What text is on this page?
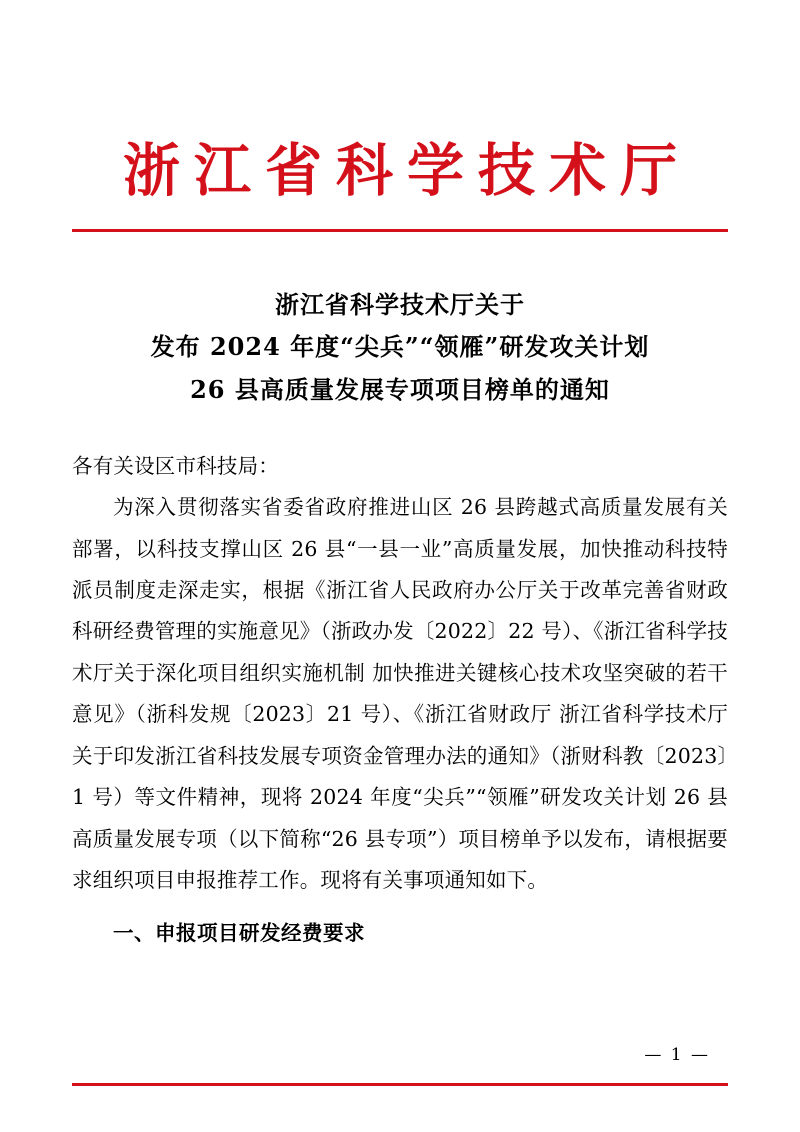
浙江省科学技术厅
浙江省科学技术厅关于
发布 2024 年度“尖兵”“领雁”研发攻关计划
26 县高质量发展专项项目榜单的通知

各有关设区市科技局：

为深入贯彻落实省委省政府推进山区 26 县跨越式高质量发展有关部署，以科技支撑山区 26 县“一县一业”高质量发展，加快推动科技特派员制度走深走实，根据《浙江省人民政府办公厅关于改革完善省财政科研经费管理的实施意见》（浙政办发〔2022〕22 号）、《浙江省科学技术厅关于深化项目组织实施机制 加快推进关键核心技术攻坚突破的若干意见》（浙科发规〔2023〕21 号）、《浙江省财政厅 浙江省科学技术厅关于印发浙江省科技发展专项资金管理办法的通知》（浙财科教〔2023〕1 号）等文件精神，现将 2024 年度“尖兵”“领雁”研发攻关计划 26 县高质量发展专项（以下简称“26 县专项”）项目榜单予以发布，请根据要求组织项目申报推荐工作。现将有关事项通知如下。

一、申报项目研发经费要求

— 1 —
